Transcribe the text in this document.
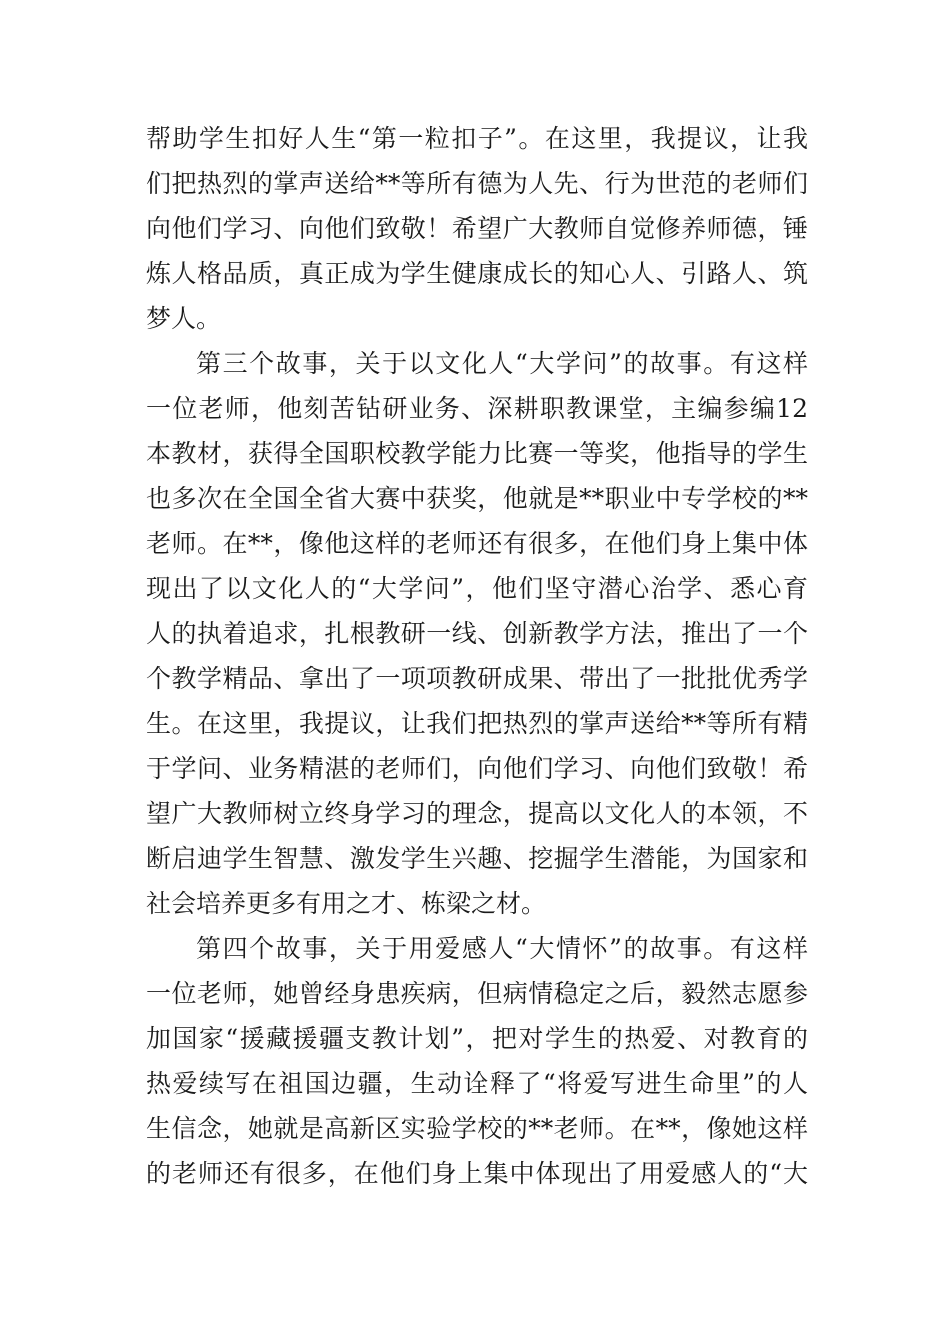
帮助学生扣好人生“第一粒扣子”。在这里，我提议，让我
们把热烈的掌声送给**等所有德为人先、行为世范的老师们
向他们学习、向他们致敬！希望广大教师自觉修养师德，锤
炼人格品质，真正成为学生健康成长的知心人、引路人、筑
梦人。
第三个故事，关于以文化人“大学问”的故事。有这样
一位老师，他刻苦钻研业务、深耕职教课堂，主编参编12
本教材，获得全国职校教学能力比赛一等奖，他指导的学生
也多次在全国全省大赛中获奖，他就是**职业中专学校的**
老师。在**，像他这样的老师还有很多，在他们身上集中体
现出了以文化人的“大学问”，他们坚守潜心治学、悉心育
人的执着追求，扎根教研一线、创新教学方法，推出了一个
个教学精品、拿出了一项项教研成果、带出了一批批优秀学
生。在这里，我提议，让我们把热烈的掌声送给**等所有精
于学问、业务精湛的老师们，向他们学习、向他们致敬！希
望广大教师树立终身学习的理念，提高以文化人的本领，不
断启迪学生智慧、激发学生兴趣、挖掘学生潜能，为国家和
社会培养更多有用之才、栋梁之材。
第四个故事，关于用爱感人“大情怀”的故事。有这样
一位老师，她曾经身患疾病，但病情稳定之后，毅然志愿参
加国家“援藏援疆支教计划”，把对学生的热爱、对教育的
热爱续写在祖国边疆，生动诠释了“将爱写进生命里”的人
生信念，她就是高新区实验学校的**老师。在**，像她这样
的老师还有很多，在他们身上集中体现出了用爱感人的“大
